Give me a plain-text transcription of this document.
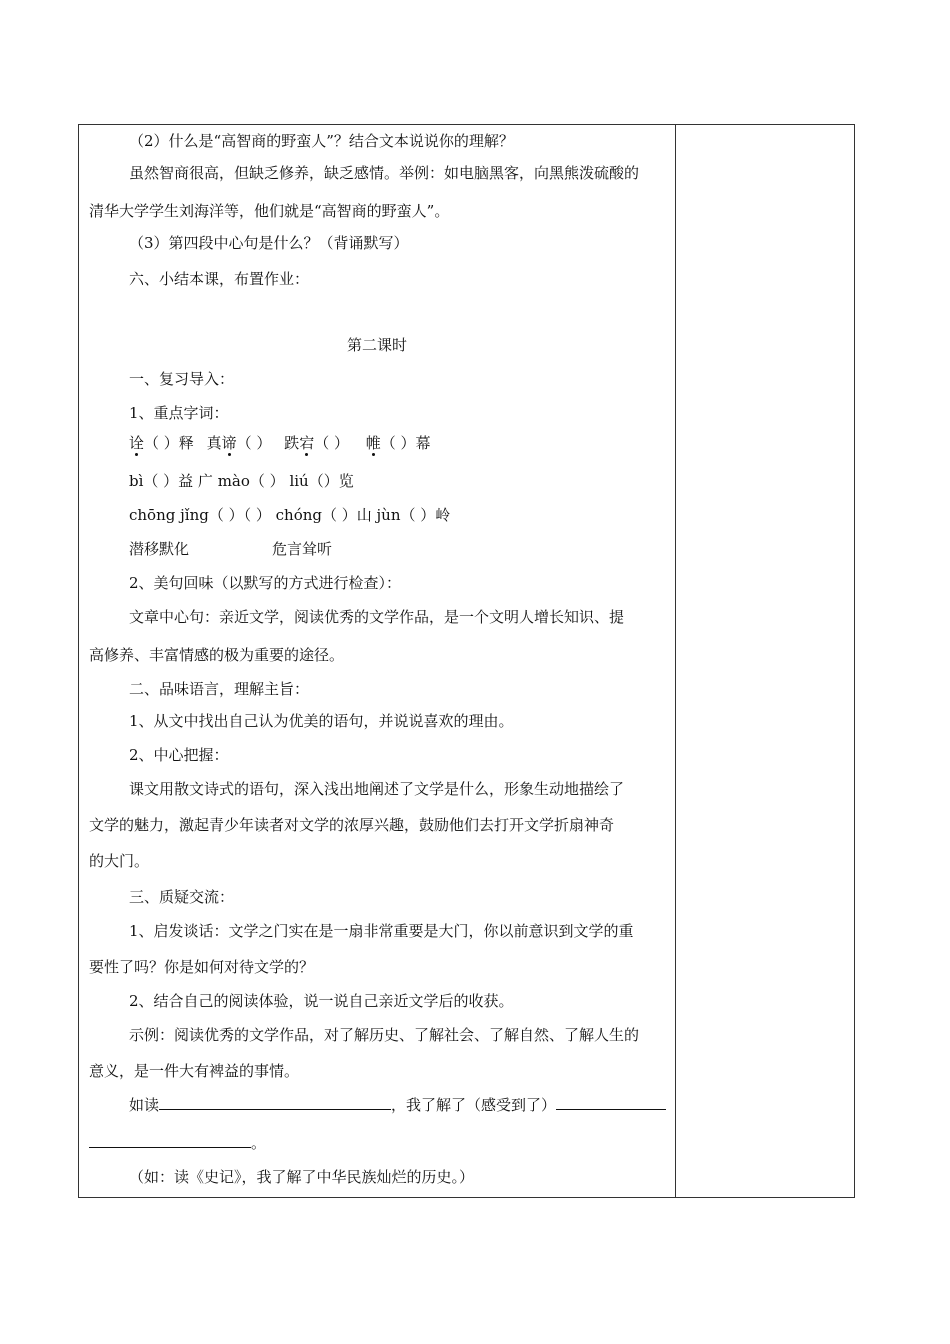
（2）什么是“高智商的野蛮人”？结合文本说说你的理解？
虽然智商很高，但缺乏修养，缺乏感情。举例：如电脑黑客，向黑熊泼硫酸的
清华大学学生刘海洋等，他们就是“高智商的野蛮人”。
（3）第四段中心句是什么？（背诵默写）
六、小结本课，布置作业：
第二课时
一、复习导入：
1、重点字词：
诠（ ）释 真谛（ ） 跌宕（ ） 帷（ ）幕
bì（ ）益 广 mào（ ） liú（）览
chōng jǐng（ ）（ ） chóng（ ）山 jùn（ ）岭
潜移默化	危言耸听
2、美句回味（以默写的方式进行检查）：
文章中心句：亲近文学，阅读优秀的文学作品，是一个文明人增长知识、提
高修养、丰富情感的极为重要的途径。
二、品味语言，理解主旨：
1、从文中找出自己认为优美的语句，并说说喜欢的理由。
2、中心把握：
课文用散文诗式的语句，深入浅出地阐述了文学是什么，形象生动地描绘了
文学的魅力，激起青少年读者对文学的浓厚兴趣，鼓励他们去打开文学折扇神奇
的大门。
三、质疑交流：
1、启发谈话：文学之门实在是一扇非常重要是大门，你以前意识到文学的重
要性了吗？你是如何对待文学的？
2、结合自己的阅读体验，说一说自己亲近文学后的收获。
示例：阅读优秀的文学作品，对了解历史、了解社会、了解自然、了解人生的
意义，是一件大有裨益的事情。
如读	，我了解了（感受到了）
。
（如：读《史记》，我了解了中华民族灿烂的历史。）
